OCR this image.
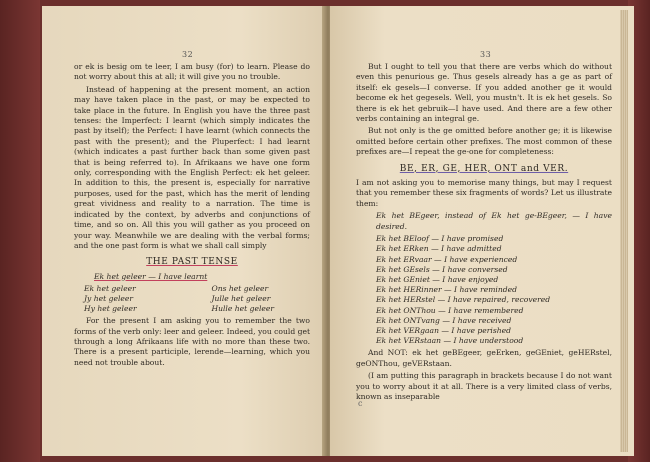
32

or ek is besig om te leer, I am busy (for) to learn. Please do not worry about this at all; it will give you no trouble.

Instead of happening at the present moment, an action may have taken place in the past, or may be expected to take place in the future. In English you have the three past tenses: the Imperfect: I learnt (which simply indicates the past by itself); the Perfect: I have learnt (which connects the past with the present); and the Pluperfect: I had learnt (which indicates a past further back than some given past that is being referred to). In Afrikaans we have one form only, corresponding with the English Perfect: ek het geleer. In addition to this, the present is, especially for narrative purposes, used for the past, which has the merit of lending great vividness and reality to a narration. The time is indicated by the context, by adverbs and conjunctions of time, and so on. All this you will gather as you proceed on your way. Meanwhile we are dealing with the verbal forms; and the one past form is what we shall call simply

THE PAST TENSE
Ek het geleer — I have learnt
Ek het geleer
Jy het geleer
Hy het geleer
Ons het geleer
Julle het geleer
Hulle het geleer

For the present I am asking you to remember the two forms of the verb only: leer and geleer. Indeed, you could get through a long Afrikaans life with no more than these two. There is a present participle, lerende—learning, which you need not trouble about.

33

But I ought to tell you that there are verbs which do without even this penurious ge. Thus gesels already has a ge as part of itself: ek gesels—I converse. If you added another ge it would become ek het gegesels. Well, you mustn't. It is ek het gesels. So there is ek het gebruik—I have used. And there are a few other verbs containing an integral ge.

But not only is the ge omitted before another ge; it is likewise omitted before certain other prefixes. The most common of these prefixes are—I repeat the ge-one for completeness:

BE, ER, GE, HER, ONT and VER.

I am not asking you to memorise many things, but may I request that you remember these six fragments of words? Let us illustrate them:

Ek het BEgeer, instead of Ek het ge-BEgeer, — I have desired.
Ek het BEloof — I have promised
Ek het ERken — I have admitted
Ek het ERvaar — I have experienced
Ek het GEsels — I have conversed
Ek het GEniet — I have enjoyed
Ek het HERinner — I have reminded
Ek het HERstel — I have repaired, recovered
Ek het ONThou — I have remembered
Ek het ONTvang — I have received
Ek het VERgaan — I have perished
Ek het VERstaan — I have understood

And NOT: ek het geBEgeer, geErken, geGEniet, geHERstel, geONThou, geVERstaan.

(I am putting this paragraph in brackets because I do not want you to worry about it at all. There is a very limited class of verbs, known as inseparable

c
